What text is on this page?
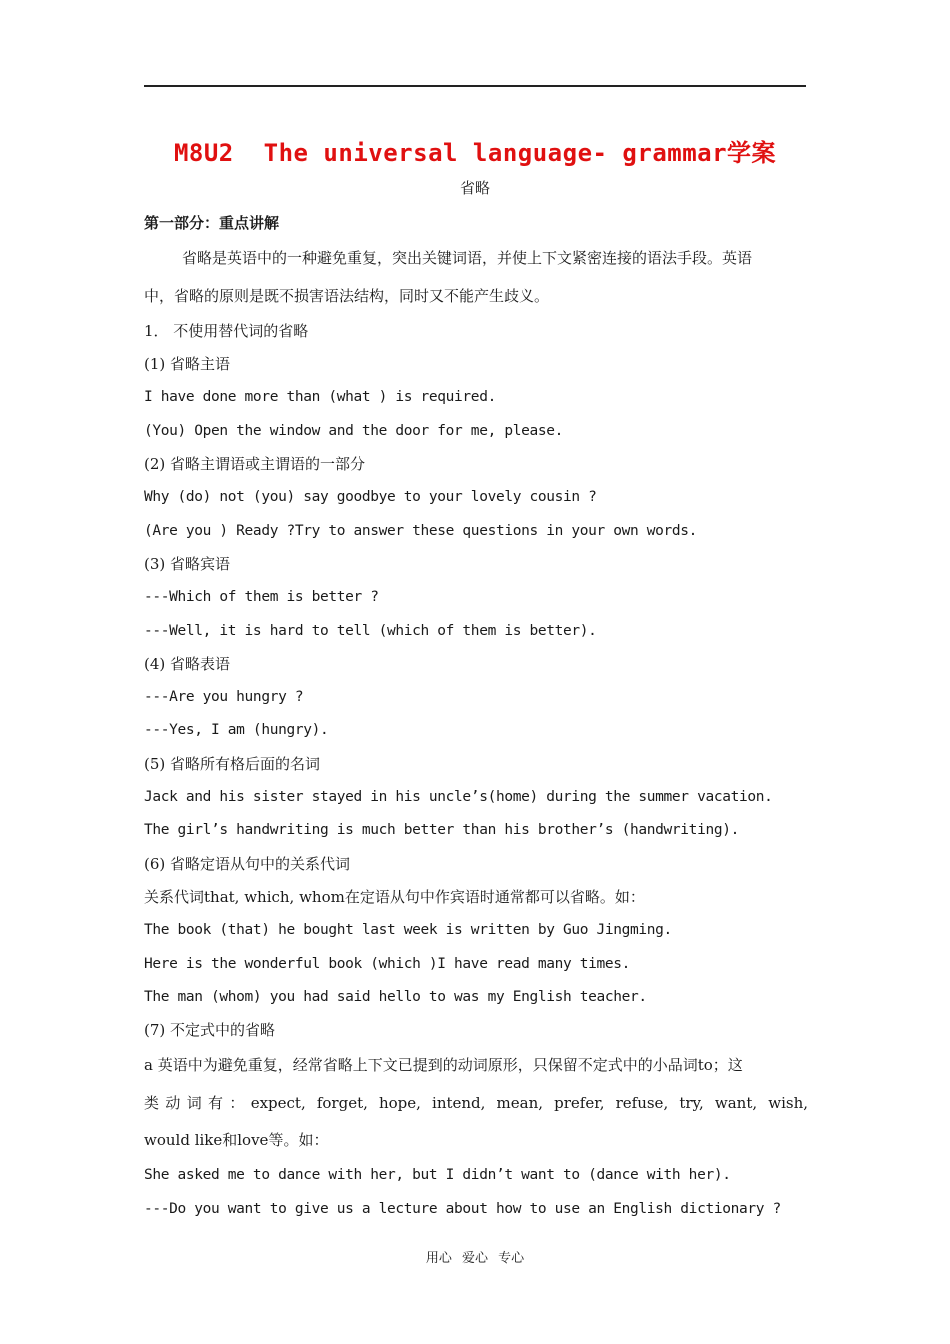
M8U2  The universal language- grammar学案
省略
第一部分：重点讲解
省略是英语中的一种避免重复，突出关键词语，并使上下文紧密连接的语法手段。英语
中，省略的原则是既不损害语法结构，同时又不能产生歧义。
1． 不使用替代词的省略
(1) 省略主语
I have done more than (what ) is required.
(You) Open the window and the door for me, please.
(2) 省略主谓语或主谓语的一部分
Why (do) not (you) say goodbye to your lovely cousin ?
(Are you ) Ready ?Try to answer these questions in your own words.
(3) 省略宾语
---Which of them is better ?
---Well, it is hard to tell (which of them is better).
(4) 省略表语
---Are you hungry ?
---Yes, I am (hungry).
(5) 省略所有格后面的名词
Jack and his sister stayed in his uncle’s(home) during the summer vacation.
The girl’s handwriting is much better than his brother’s (handwriting).
(6) 省略定语从句中的关系代词
关系代词that, which, whom在定语从句中作宾语时通常都可以省略。如：
The book (that) he bought last week is written by Guo Jingming.
Here is the wonderful book (which )I have read many times.
The man (whom) you had said hello to was my English teacher.
(7) 不定式中的省略
a 英语中为避免重复，经常省略上下文已提到的动词原形，只保留不定式中的小品词to；这
类动词有：expect, forget, hope, intend, mean, prefer, refuse, try, want, wish,
would like和love等。如：
She asked me to dance with her, but I didn’t want to (dance with her).
---Do you want to give us a lecture about how to use an English dictionary ?
用心 爱心 专心
